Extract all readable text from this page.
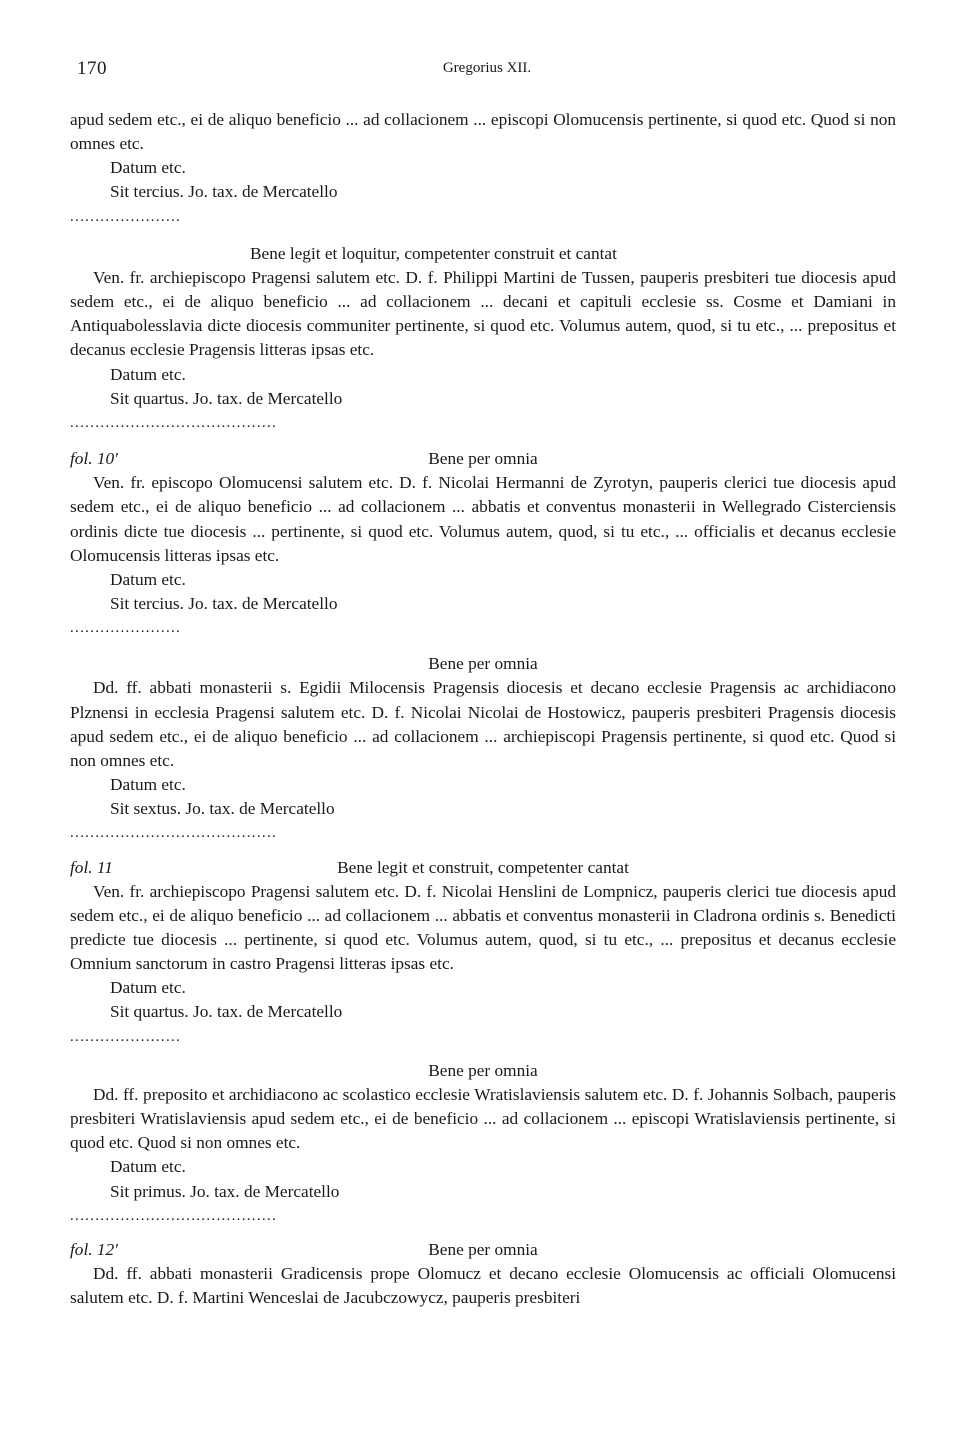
170	Gregorius XII.

apud sedem etc., ei de aliquo beneficio ... ad collacionem ... episcopi Olomucensis pertinente, si quod etc. Quod si non omnes etc.

Datum etc.

Sit tercius. Jo. tax. de Mercatello

......................

Bene legit et loquitur, competenter construit et cantat

Ven. fr. archiepiscopo Pragensi salutem etc. D. f. Philippi Martini de Tussen, pauperis presbiteri tue diocesis apud sedem etc., ei de aliquo beneficio ... ad collacionem ... decani et capituli ecclesie ss. Cosme et Damiani in Antiquabolesslavia dicte diocesis communiter pertinente, si quod etc. Volumus autem, quod, si tu etc., ... prepositus et decanus ecclesie Pragensis litteras ipsas etc.

Datum etc.

Sit quartus. Jo. tax. de Mercatello

.........................................

fol. 10'	Bene per omnia

Ven. fr. episcopo Olomucensi salutem etc. D. f. Nicolai Hermanni de Zyrotyn, pauperis clerici tue diocesis apud sedem etc., ei de aliquo beneficio ... ad collacionem ... abbatis et conventus monasterii in Wellegrado Cisterciensis ordinis dicte tue diocesis ... pertinente, si quod etc. Volumus autem, quod, si tu etc., ... officialis et decanus ecclesie Olomucensis litteras ipsas etc.

Datum etc.

Sit tercius. Jo. tax. de Mercatello

......................

Bene per omnia

Dd. ff. abbati monasterii s. Egidii Milocensis Pragensis diocesis et decano ecclesie Pragensis ac archidiacono Plznensi in ecclesia Pragensi salutem etc. D. f. Nicolai Nicolai de Hostowicz, pauperis presbiteri Pragensis diocesis apud sedem etc., ei de aliquo beneficio ... ad collacionem ... archiepiscopi Pragensis pertinente, si quod etc. Quod si non omnes etc.

Datum etc.

Sit sextus. Jo. tax. de Mercatello

.........................................

fol. 11	Bene legit et construit, competenter cantat

Ven. fr. archiepiscopo Pragensi salutem etc. D. f. Nicolai Henslini de Lompnicz, pauperis clerici tue diocesis apud sedem etc., ei de aliquo beneficio ... ad collacionem ... abbatis et conventus monasterii in Cladrona ordinis s. Benedicti predicte tue diocesis ... pertinente, si quod etc. Volumus autem, quod, si tu etc., ... prepositus et decanus ecclesie Omnium sanctorum in castro Pragensi litteras ipsas etc.

Datum etc.

Sit quartus. Jo. tax. de Mercatello

......................

Bene per omnia

Dd. ff. preposito et archidiacono ac scolastico ecclesie Wratislaviensis salutem etc. D. f. Johannis Solbach, pauperis presbiteri Wratislaviensis apud sedem etc., ei de beneficio ... ad collacionem ... episcopi Wratislaviensis pertinente, si quod etc. Quod si non omnes etc.

Datum etc.

Sit primus. Jo. tax. de Mercatello

.........................................

fol. 12'	Bene per omnia

Dd. ff. abbati monasterii Gradicensis prope Olomucz et decano ecclesie Olomucensis ac officiali Olomucensi salutem etc. D. f. Martini Wenceslai de Jacubczowycz, pauperis presbiteri
